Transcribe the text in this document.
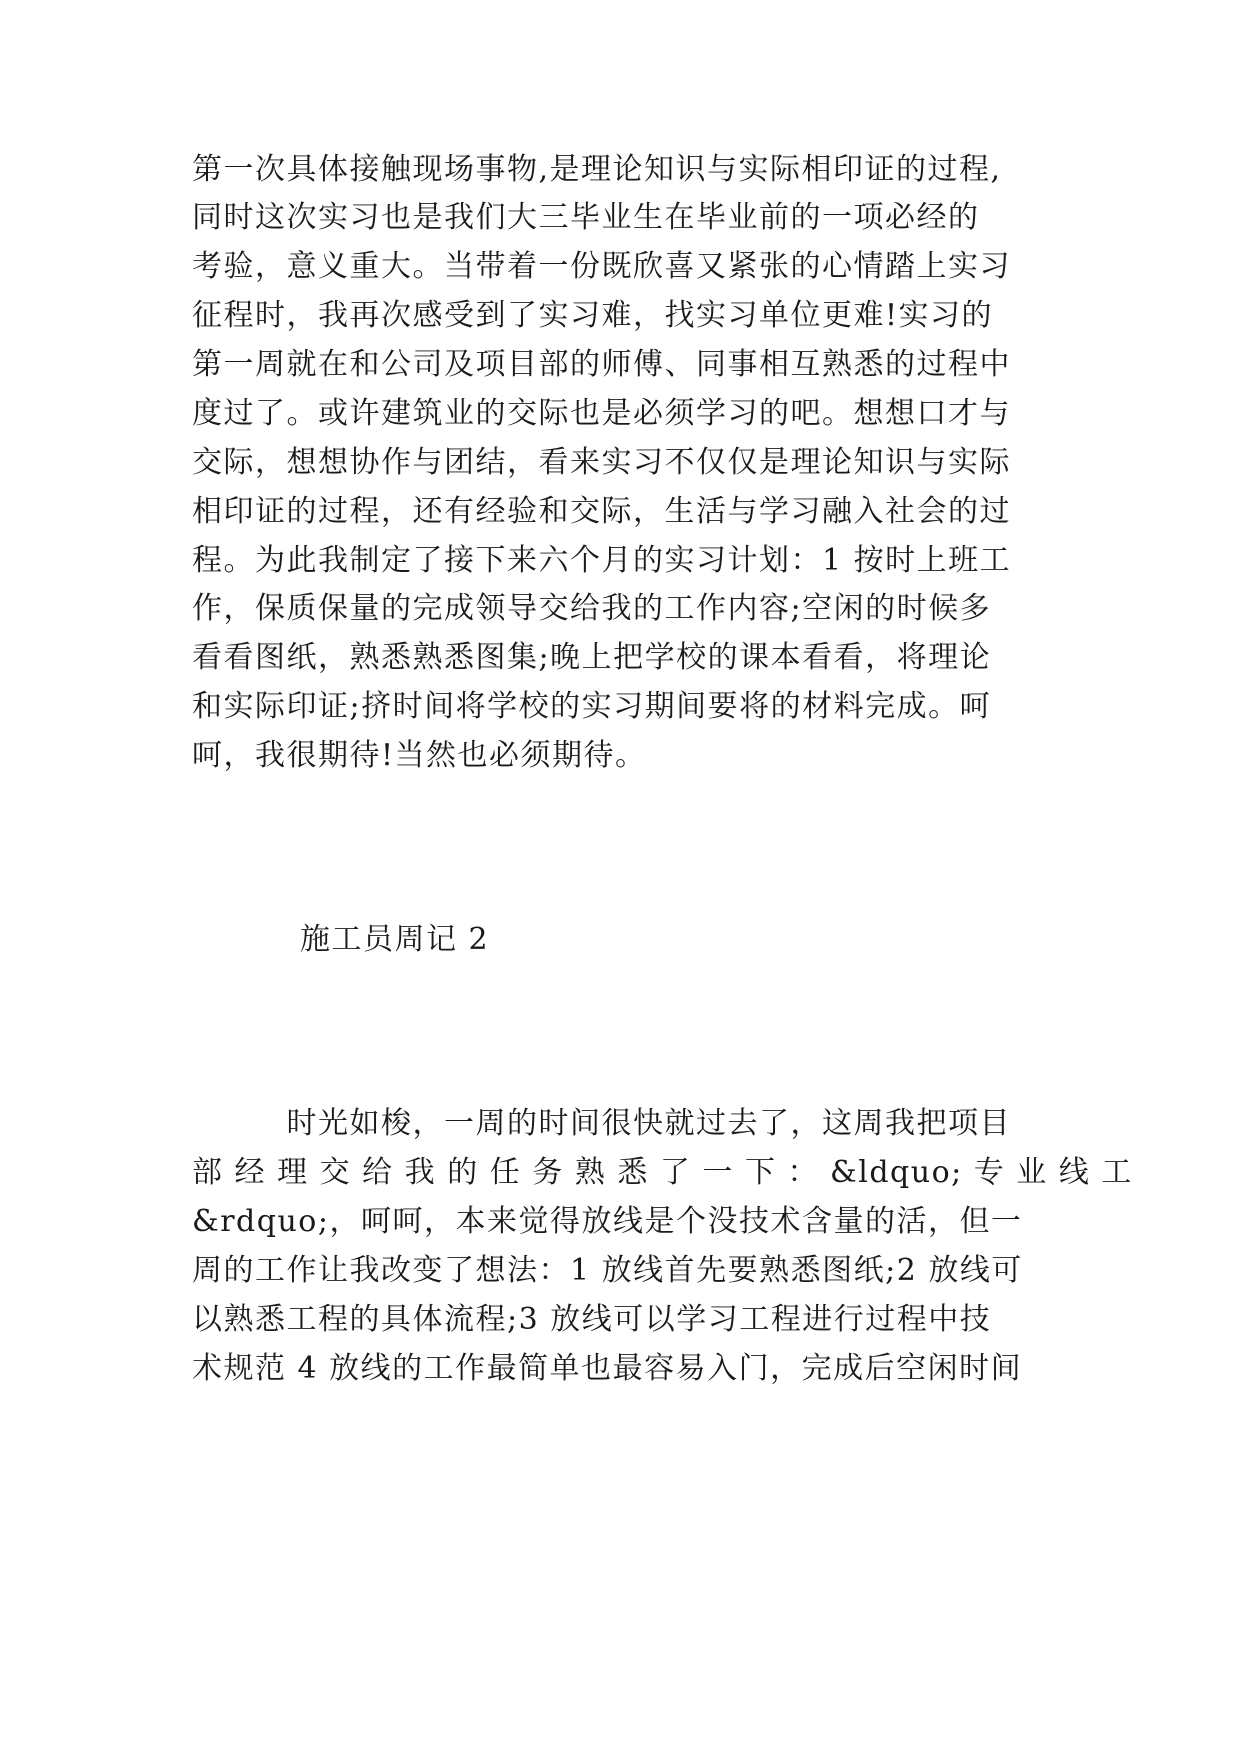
第一次具体接触现场事物,是理论知识与实际相印证的过程,
同时这次实习也是我们大三毕业生在毕业前的一项必经的
考验，意义重大。当带着一份既欣喜又紧张的心情踏上实习
征程时，我再次感受到了实习难，找实习单位更难!实习的
第一周就在和公司及项目部的师傅、同事相互熟悉的过程中
度过了。或许建筑业的交际也是必须学习的吧。想想口才与
交际，想想协作与团结，看来实习不仅仅是理论知识与实际
相印证的过程，还有经验和交际，生活与学习融入社会的过
程。为此我制定了接下来六个月的实习计划：1 按时上班工
作，保质保量的完成领导交给我的工作内容;空闲的时候多
看看图纸，熟悉熟悉图集;晚上把学校的课本看看，将理论
和实际印证;挤时间将学校的实习期间要将的材料完成。呵
呵，我很期待!当然也必须期待。
施工员周记 2
　　　时光如梭，一周的时间很快就过去了，这周我把项目
部 经 理 交 给 我 的 任 务 熟 悉 了 一 下 ： &ldquo; 专 业 线 工
&rdquo;，呵呵，本来觉得放线是个没技术含量的活，但一
周的工作让我改变了想法：1 放线首先要熟悉图纸;2 放线可
以熟悉工程的具体流程;3 放线可以学习工程进行过程中技
术规范 4 放线的工作最简单也最容易入门，完成后空闲时间
